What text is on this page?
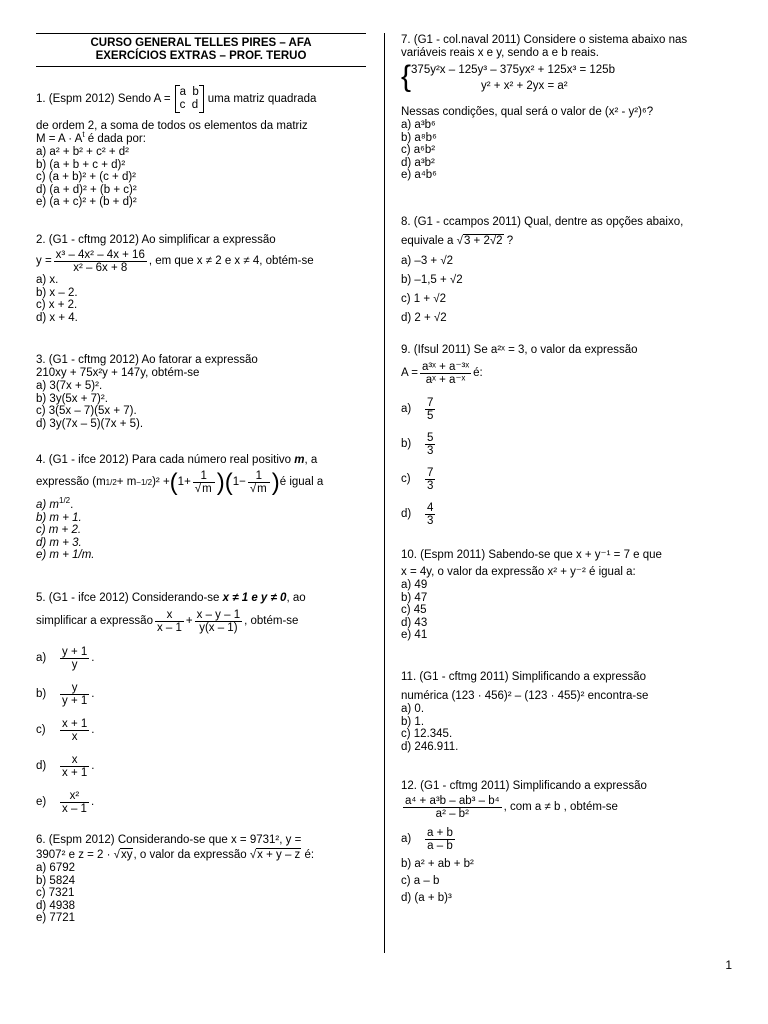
CURSO GENERAL TELLES PIRES – AFA
EXERCÍCIOS EXTRAS – PROF. TERUO

1. (Espm 2012) Sendo A =
a b
c d
uma matriz quadrada

de ordem 2, a soma de todos os elementos da matriz

$M = A \cdot A^t$ é dada por:

a) a² + b² + c² + d²

b) (a + b + c + d)²

c) (a + b)² + (c + d)²

d) (a + d)² + (b + c)²

e) (a + c)² + (b + d)²

2. (G1 - cftmg 2012) Ao simplificar a expressão

$y = \frac{\text{x³ – 4x² – 4x + 16}}{\text{x² – 6x + 8}}$ , em que x ≠ 2 e x ≠ 4, obtém-se

a) x.

b) x – 2.

c) x + 2.

d) x + 4.

3. (G1 - cftmg 2012) Ao fatorar a expressão

210xy + 75x²y + 147y, obtém-se

a) 3(7x + 5)².

b) 3y(5x + 7)².

c) 3(5x – 7)(5x + 7).

d) 3y(7x – 5)(7x + 5).

4. (G1 - ifce 2012) Para cada número real positivo m, a

expressão (m 1/2 + m −1/2 )² + ( $1+ \frac{1}{√m}$ ) ( $1- \frac{1}{√m}$ ) é igual a

a) $m^{1/2}$.

b) m + 1.

c) m + 2.

d) m + 3.

e) m + 1/m.

5. (G1 - ifce 2012) Considerando-se x ≠ 1 e y ≠ 0, ao

simplificar a expressão $\frac{x}{x - 1} + \frac{x - y - 1}{y(x - 1)}$ , obtém-se

a)	$\frac{y + 1}{y}$ .

b)	$\frac{y}{y + 1}$ .

c)	$\frac{x + 1}{x}$ .

d)	$\frac{x}{x + 1}$ .

e)	$\frac{\text{x²}}{x - 1}$ .

6. (Espm 2012) Considerando-se que x = 9731², y =

3907² e z = 2 · √xy, o valor da expressão √x + y – z é:

a) 6792

b) 5824

c) 7321

d) 4938

e) 7721

7. (G1 - col.naval 2011) Considere o sistema abaixo nas

variáveis reais x e y, sendo a e b reais.

{ 375y²x – 125y³ – 375yx² + 125x³ = 125b

y² + x² + 2yx = a²

Nessas condições, qual será o valor de (x² - y²)⁶?

a) a³b⁶

b) a⁸b⁶

c) a⁶b²

d) a³b²

e) a⁴b⁶

8. (G1 - ccampos 2011) Qual, dentre as opções abaixo,

equivale a √3 + 2√2 ?

a) –3 + √2

b) –1,5 + √2

c) 1 + √2

d) 2 + √2

9. (Ifsul 2011) Se a²ˣ = 3, o valor da expressão

$A = \frac{\text{a³ˣ + a⁻³ˣ}}{\text{aˣ + a⁻ˣ}}$ é:

a)	$\frac{7}{5}$

b)	$\frac{5}{3}$

c)	$\frac{7}{3}$

d)	$\frac{4}{3}$

10. (Espm 2011) Sabendo-se que x + y⁻¹ = 7 e que

x = 4y, o valor da expressão x² + y⁻² é igual a:

a) 49

b) 47

c) 45

d) 43

e) 41

11. (G1 - cftmg 2011) Simplificando a expressão

numérica (123 · 456)² – (123 · 455)² encontra-se

a) 0.

b) 1.

c) 12.345.

d) 246.911.

12. (G1 - cftmg 2011) Simplificando a expressão

$\frac{\text{a⁴ + a³b – ab³ – b⁴}}{\text{a² – b²}}$ , com a ≠ b , obtém-se

a)	$\frac{a + b}{a - b}$

b) a² + ab + b²

c) a – b

d) (a + b)³

1
